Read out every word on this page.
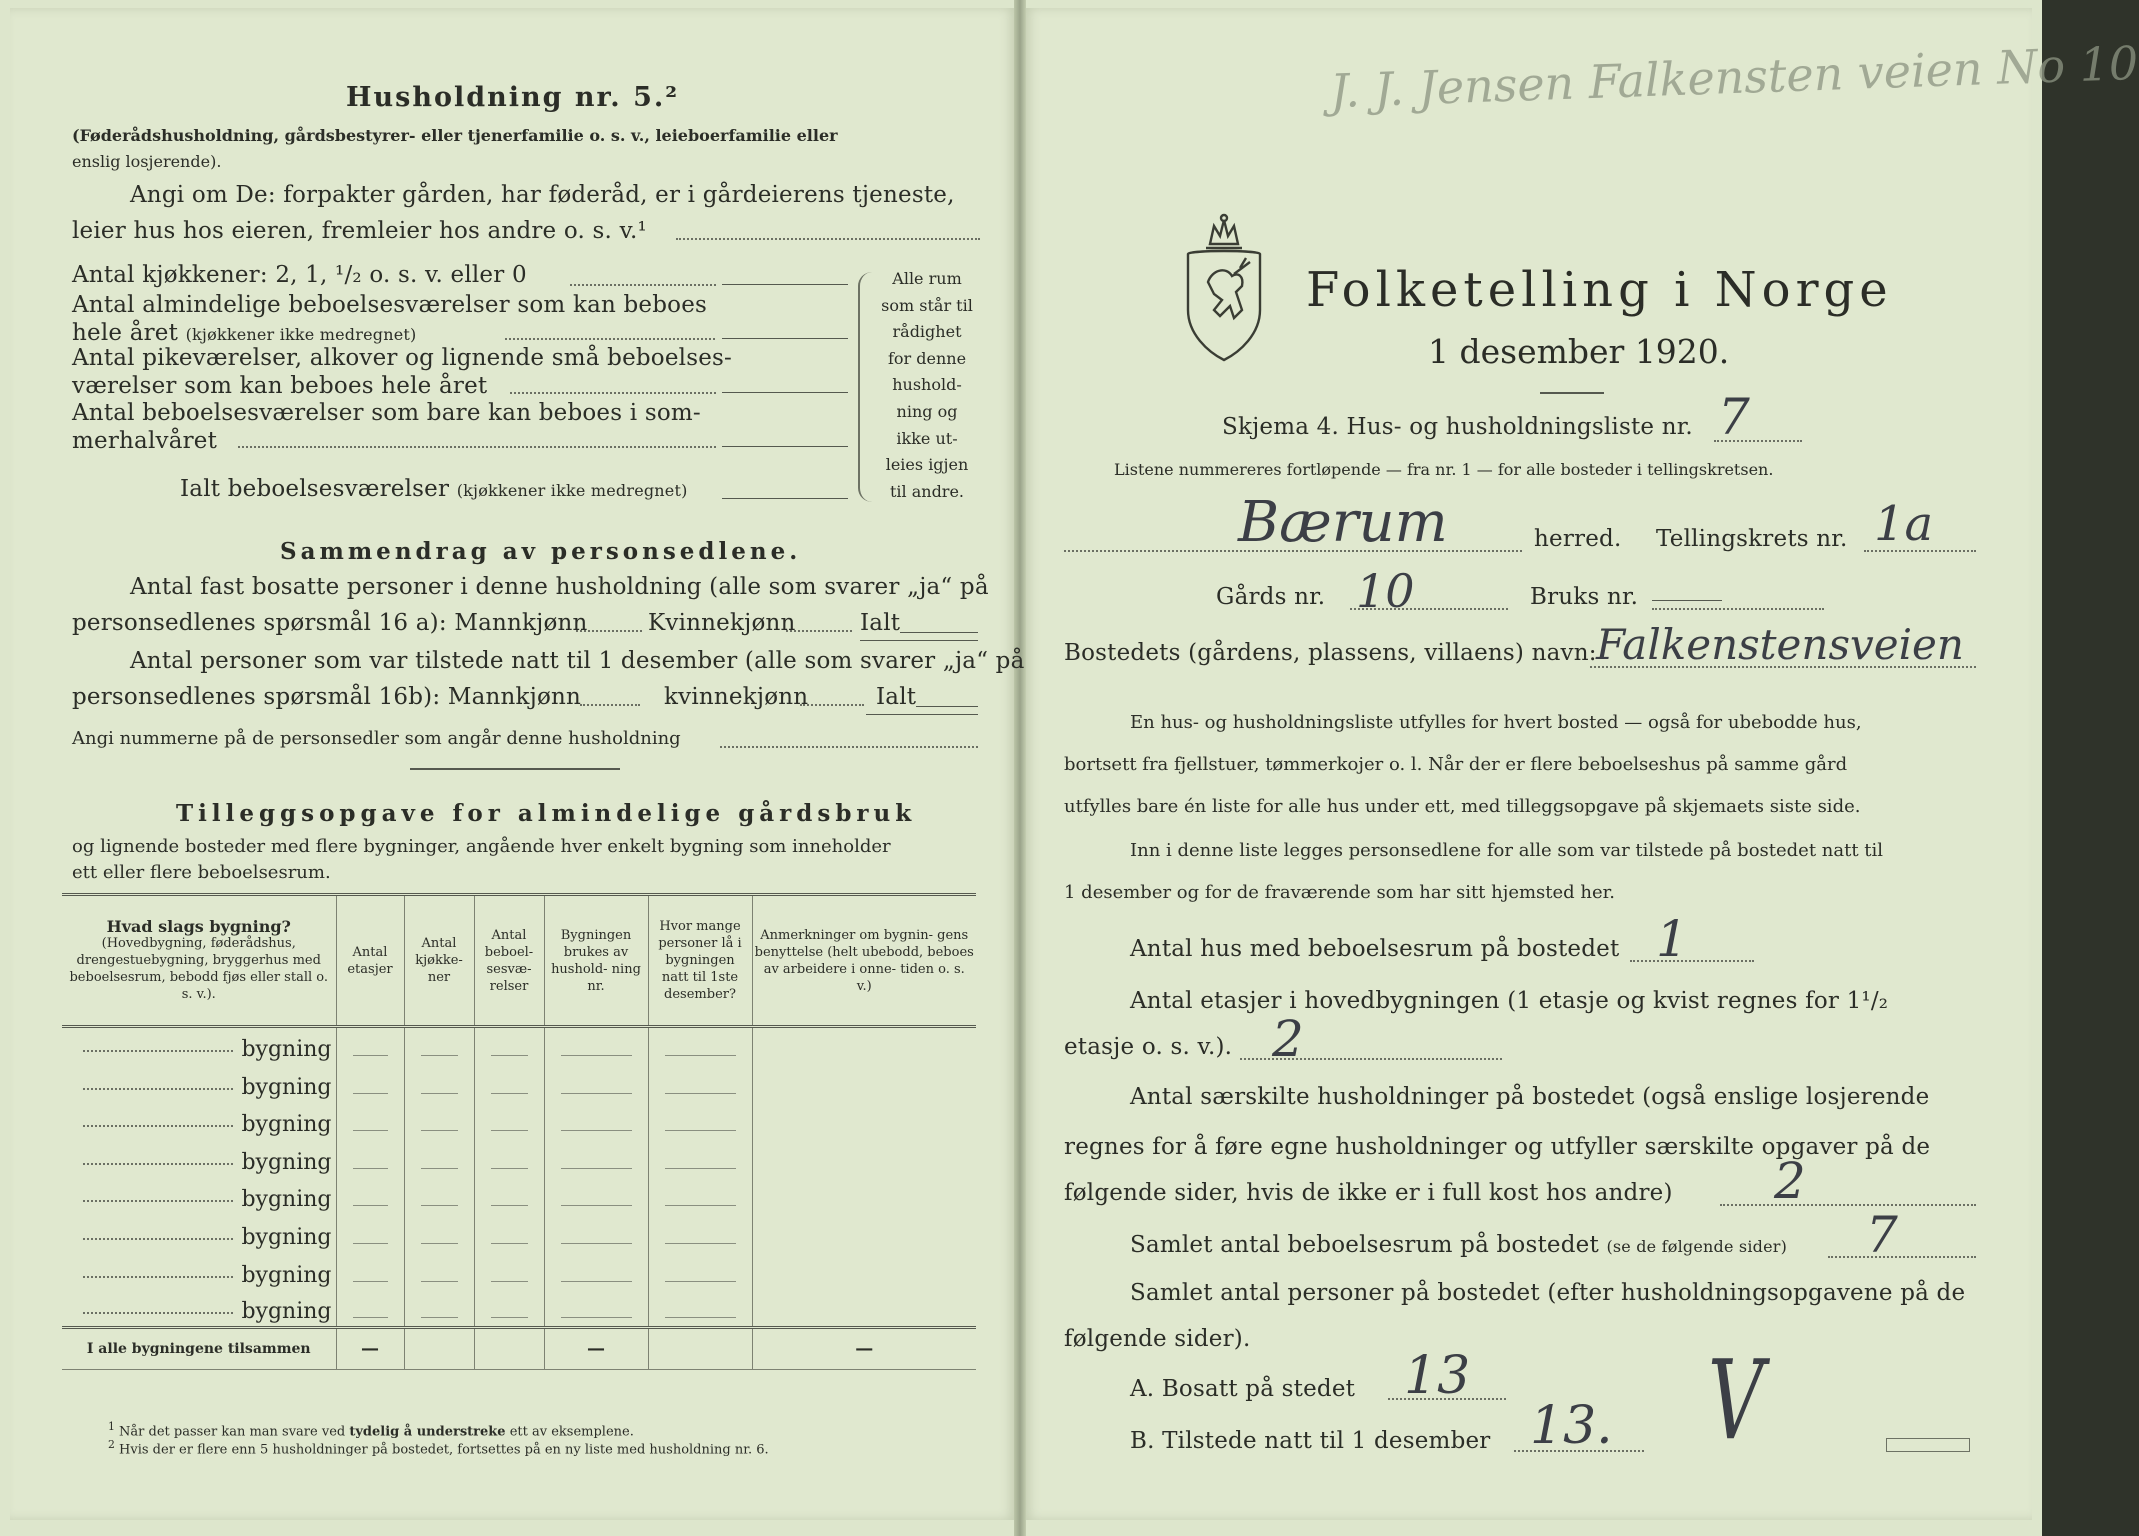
Husholdning nr. 5.²
(Føderådshusholdning, gårdsbestyrer- eller tjenerfamilie o. s. v., leieboerfamilie eller
enslig losjerende).
Angi om De: forpakter gården, har føderåd, er i gårdeierens tjeneste,
leier hus hos eieren, fremleier hos andre o. s. v.¹
Antal kjøkkener: 2, 1, ¹/₂ o. s. v. eller 0
Antal almindelige beboelsesværelser som kan beboes
hele året (kjøkkener ikke medregnet)
Antal pikeværelser, alkover og lignende små beboelses-
værelser som kan beboes hele året
Antal beboelsesværelser som bare kan beboes i som-
merhalvåret
Ialt beboelsesværelser (kjøkkener ikke medregnet)
Alle rum
som står til
rådighet
for denne
hushold-
ning og
ikke ut-
leies igjen
til andre.
Sammendrag av personsedlene.
Antal fast bosatte personer i denne husholdning (alle som svarer „ja“ på
personsedlenes spørsmål 16 a): Mannkjønn	Kvinnekjønn	Ialt
Antal personer som var tilstede natt til 1 desember (alle som svarer „ja“ på
personsedlenes spørsmål 16b): Mannkjønn	kvinnekjønn	Ialt
Angi nummerne på de personsedler som angår denne husholdning
Tilleggsopgave for almindelige gårdsbruk
og lignende bosteder med flere bygninger, angående hver enkelt bygning som inneholder
ett eller flere beboelsesrum.
Hvad slags bygning?
(Hovedbygning, føderådshus, drengestuebygning, bryggerhus med beboelsesrum, bebodd fjøs eller stall o. s. v.).	Antal etasjer	Antal kjøkke- ner	Antal beboel- sesvæ- relser	Bygningen brukes av hushold- ning nr.	Hvor mange personer lå i bygningen natt til 1ste desember?	Anmerkninger om bygnin- gens benyttelse (helt ubebodd, beboes av arbeidere i onne- tiden o. s. v.)
bygning	

bygning	

bygning	

bygning	

bygning	

bygning	

bygning	

bygning	

I alle bygningene tilsammen	—			—		—
$^1$ Når det passer kan man svare ved tydelig å understreke ett av eksemplene.
$^2$ Hvis der er flere enn 5 husholdninger på bostedet, fortsettes på en ny liste med husholdning nr. 6.
J. J. Jensen Falkensten veien No 10
Folketelling i Norge
1 desember 1920.
Skjema 4. Hus- og husholdningsliste nr. 7
Listene nummereres fortløpende — fra nr. 1 — for alle bosteder i tellingskretsen.
Bærum	herred. Tellingskrets nr. 1a
Gårds nr. 10	Bruks nr.
Bostedets (gårdens, plassens, villaens) navn: Falkenstensveien
En hus- og husholdningsliste utfylles for hvert bosted — også for ubebodde hus,
bortsett fra fjellstuer, tømmerkojer o. l. Når der er flere beboelseshus på samme gård
utfylles bare én liste for alle hus under ett, med tilleggsopgave på skjemaets siste side.
Inn i denne liste legges personsedlene for alle som var tilstede på bostedet natt til
1 desember og for de fraværende som har sitt hjemsted her.
Antal hus med beboelsesrum på bostedet 1
Antal etasjer i hovedbygningen (1 etasje og kvist regnes for 1¹/₂
etasje o. s. v.). 2
Antal særskilte husholdninger på bostedet (også enslige losjerende
regnes for å føre egne husholdninger og utfyller særskilte opgaver på de
følgende sider, hvis de ikke er i full kost hos andre) 2
Samlet antal beboelsesrum på bostedet (se de følgende sider) 7
Samlet antal personer på bostedet (efter husholdningsopgavene på de
følgende sider).
A. Bosatt på stedet 13
B. Tilstede natt til 1 desember 13. V
